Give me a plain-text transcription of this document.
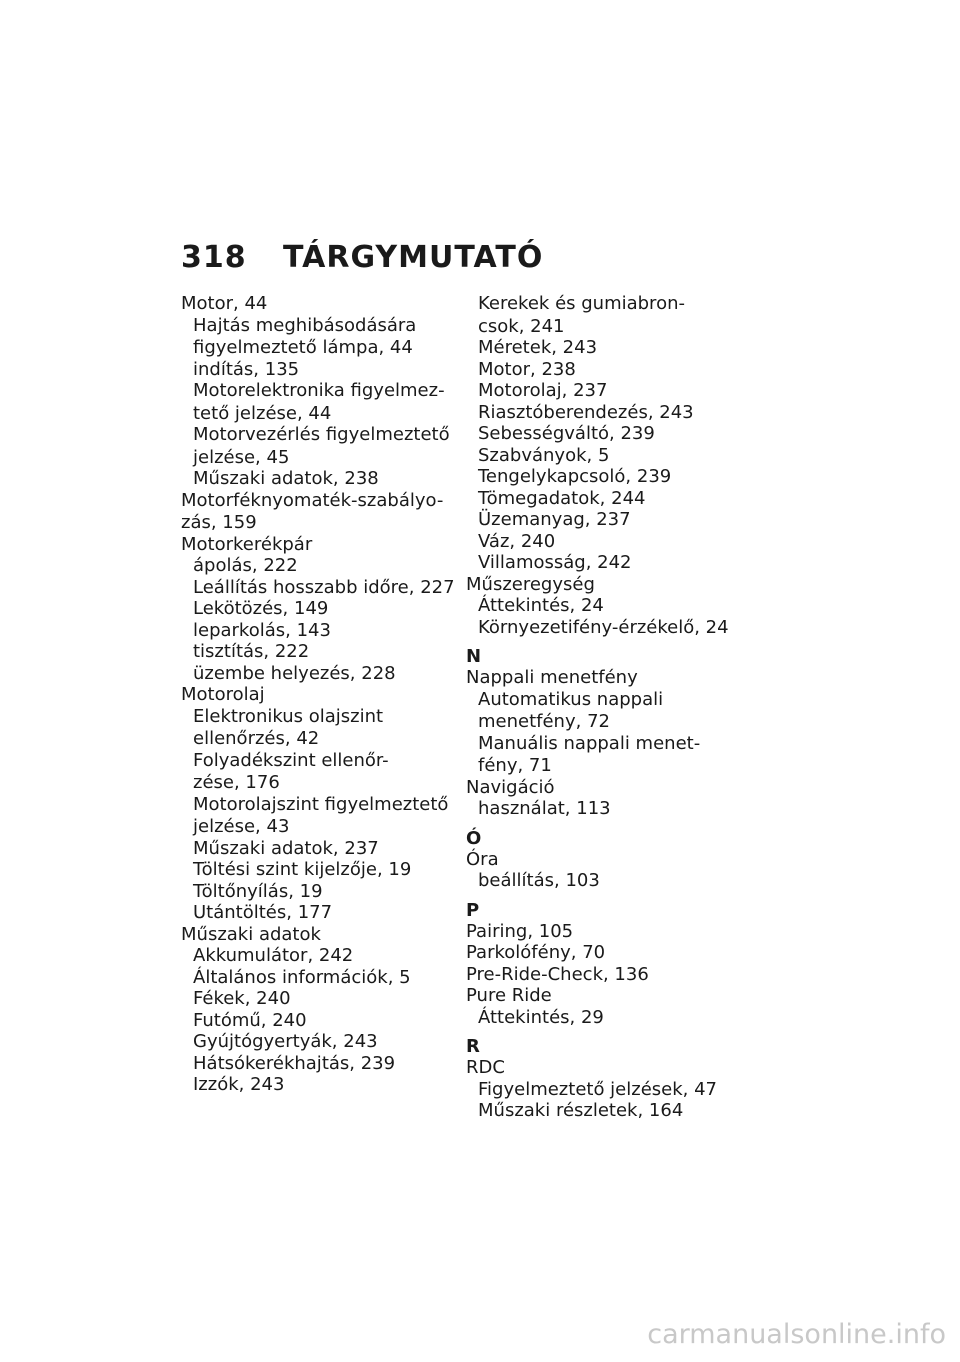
318 TÁRGYMUTATÓ
Motor, 44
Hajtás meghibásodására
figyelmeztető lámpa, 44
indítás, 135
Motorelektronika figyelmez-
tető jelzése, 44
Motorvezérlés figyelmeztető
jelzése, 45
Műszaki adatok, 238
Motorféknyomaték-szabályo-
zás, 159
Motorkerékpár
ápolás, 222
Leállítás hosszabb időre, 227
Lekötözés, 149
leparkolás, 143
tisztítás, 222
üzembe helyezés, 228
Motorolaj
Elektronikus olajszint
ellenőrzés, 42
Folyadékszint ellenőr-
zése, 176
Motorolajszint figyelmeztető
jelzése, 43
Műszaki adatok, 237
Töltési szint kijelzője, 19
Töltőnyílás, 19
Utántöltés, 177
Műszaki adatok
Akkumulátor, 242
Általános információk, 5
Fékek, 240
Futómű, 240
Gyújtógyertyák, 243
Hátsókerékhajtás, 239
Izzók, 243
Kerekek és gumiabron-
csok, 241
Méretek, 243
Motor, 238
Motorolaj, 237
Riasztóberendezés, 243
Sebességváltó, 239
Szabványok, 5
Tengelykapcsoló, 239
Tömegadatok, 244
Üzemanyag, 237
Váz, 240
Villamosság, 242
Műszeregység
Áttekintés, 24
Környezetifény-érzékelő, 24
N
Nappali menetfény
Automatikus nappali
menetfény, 72
Manuális nappali menet-
fény, 71
Navigáció
használat, 113
Ó
Óra
beállítás, 103
P
Pairing, 105
Parkolófény, 70
Pre-Ride-Check, 136
Pure Ride
Áttekintés, 29
R
RDC
Figyelmeztető jelzések, 47
Műszaki részletek, 164
carmanualsonline.info
